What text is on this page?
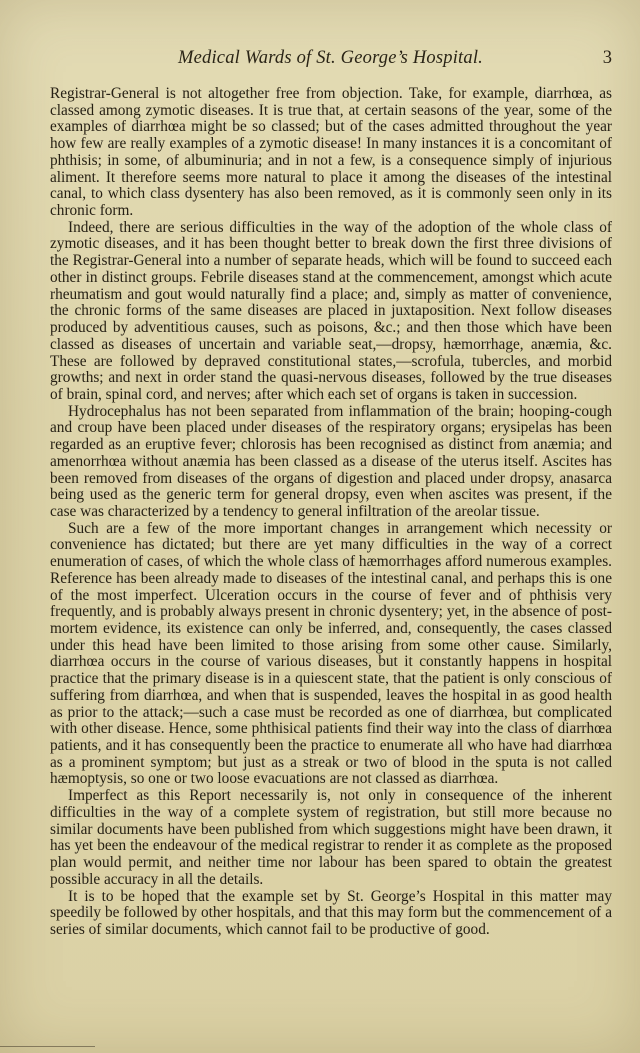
Medical Wards of St. George’s Hospital.	3

Registrar-General is not altogether free from objection. Take, for example, diarrhœa, as classed among zymotic diseases. It is true that, at certain seasons of the year, some of the examples of diarrhœa might be so classed; but of the cases admitted throughout the year how few are really examples of a zymotic disease! In many instances it is a concomitant of phthisis; in some, of albuminuria; and in not a few, is a consequence simply of injurious aliment. It therefore seems more natural to place it among the diseases of the intestinal canal, to which class dysentery has also been removed, as it is commonly seen only in its chronic form.

Indeed, there are serious difficulties in the way of the adoption of the whole class of zymotic diseases, and it has been thought better to break down the first three divisions of the Registrar-General into a number of separate heads, which will be found to succeed each other in distinct groups. Febrile diseases stand at the commencement, amongst which acute rheumatism and gout would naturally find a place; and, simply as matter of convenience, the chronic forms of the same diseases are placed in juxtaposition. Next follow diseases produced by adventitious causes, such as poisons, &c.; and then those which have been classed as diseases of uncertain and variable seat,—dropsy, hæmorrhage, anæmia, &c. These are followed by depraved constitutional states,—scrofula, tubercles, and morbid growths; and next in order stand the quasi-nervous diseases, followed by the true diseases of brain, spinal cord, and nerves; after which each set of organs is taken in succession.

Hydrocephalus has not been separated from inflammation of the brain; hooping-cough and croup have been placed under diseases of the respiratory organs; erysipelas has been regarded as an eruptive fever; chlorosis has been recognised as distinct from anæmia; and amenorrhœa without anæmia has been classed as a disease of the uterus itself. Ascites has been removed from diseases of the organs of digestion and placed under dropsy, anasarca being used as the generic term for general dropsy, even when ascites was present, if the case was characterized by a tendency to general infiltration of the areolar tissue.

Such are a few of the more important changes in arrangement which necessity or convenience has dictated; but there are yet many difficulties in the way of a correct enumeration of cases, of which the whole class of hæmorrhages afford numerous examples. Reference has been already made to diseases of the intestinal canal, and perhaps this is one of the most imperfect. Ulceration occurs in the course of fever and of phthisis very frequently, and is probably always present in chronic dysentery; yet, in the absence of post-mortem evidence, its existence can only be inferred, and, consequently, the cases classed under this head have been limited to those arising from some other cause. Similarly, diarrhœa occurs in the course of various diseases, but it constantly happens in hospital practice that the primary disease is in a quiescent state, that the patient is only conscious of suffering from diarrhœa, and when that is suspended, leaves the hospital in as good health as prior to the attack;—such a case must be recorded as one of diarrhœa, but complicated with other disease. Hence, some phthisical patients find their way into the class of diarrhœa patients, and it has consequently been the practice to enumerate all who have had diarrhœa as a prominent symptom; but just as a streak or two of blood in the sputa is not called hæmoptysis, so one or two loose evacuations are not classed as diarrhœa.

Imperfect as this Report necessarily is, not only in consequence of the inherent difficulties in the way of a complete system of registration, but still more because no similar documents have been published from which suggestions might have been drawn, it has yet been the endeavour of the medical registrar to render it as complete as the proposed plan would permit, and neither time nor labour has been spared to obtain the greatest possible accuracy in all the details.

It is to be hoped that the example set by St. George’s Hospital in this matter may speedily be followed by other hospitals, and that this may form but the commencement of a series of similar documents, which cannot fail to be productive of good.
